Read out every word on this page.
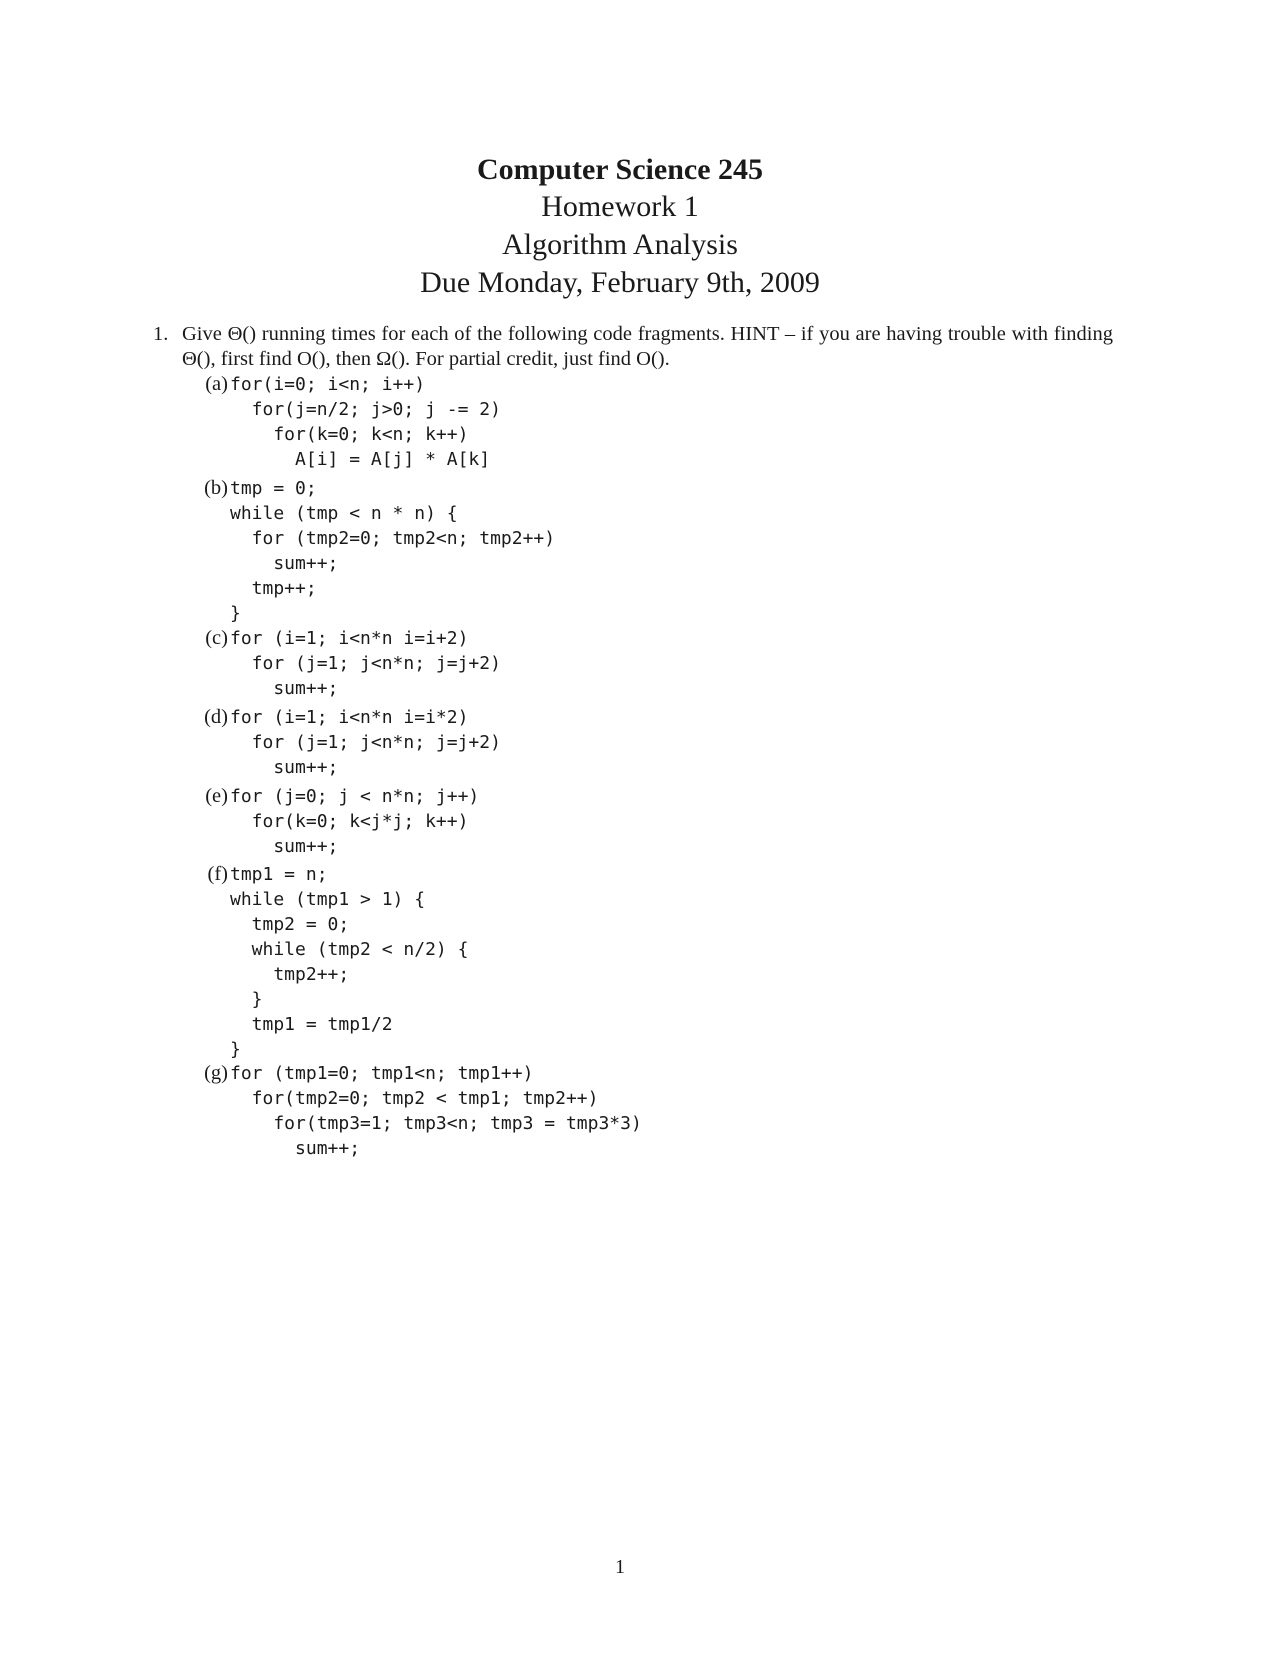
Computer Science 245
Homework 1
Algorithm Analysis
Due Monday, February 9th, 2009
1. Give Θ() running times for each of the following code fragments. HINT – if you are having trouble with finding Θ(), first find O(), then Ω(). For partial credit, just find O().
(a) for(i=0; i<n; i++)
for(j=n/2; j>0; j -= 2)
for(k=0; k<n; k++)
A[i] = A[j] * A[k]
(b) tmp = 0;
while (tmp < n * n) {
for (tmp2=0; tmp2<n; tmp2++)
sum++;
tmp++;
}
(c) for (i=1; i<n*n i=i+2)
for (j=1; j<n*n; j=j+2)
sum++;
(d) for (i=1; i<n*n i=i*2)
for (j=1; j<n*n; j=j+2)
sum++;
(e) for (j=0; j < n*n; j++)
for(k=0; k<j*j; k++)
sum++;
(f) tmp1 = n;
while (tmp1 > 1) {
tmp2 = 0;
while (tmp2 < n/2) {
tmp2++;
}
tmp1 = tmp1/2
}
(g) for (tmp1=0; tmp1<n; tmp1++)
for(tmp2=0; tmp2 < tmp1; tmp2++)
for(tmp3=1; tmp3<n; tmp3 = tmp3*3)
sum++;
1
